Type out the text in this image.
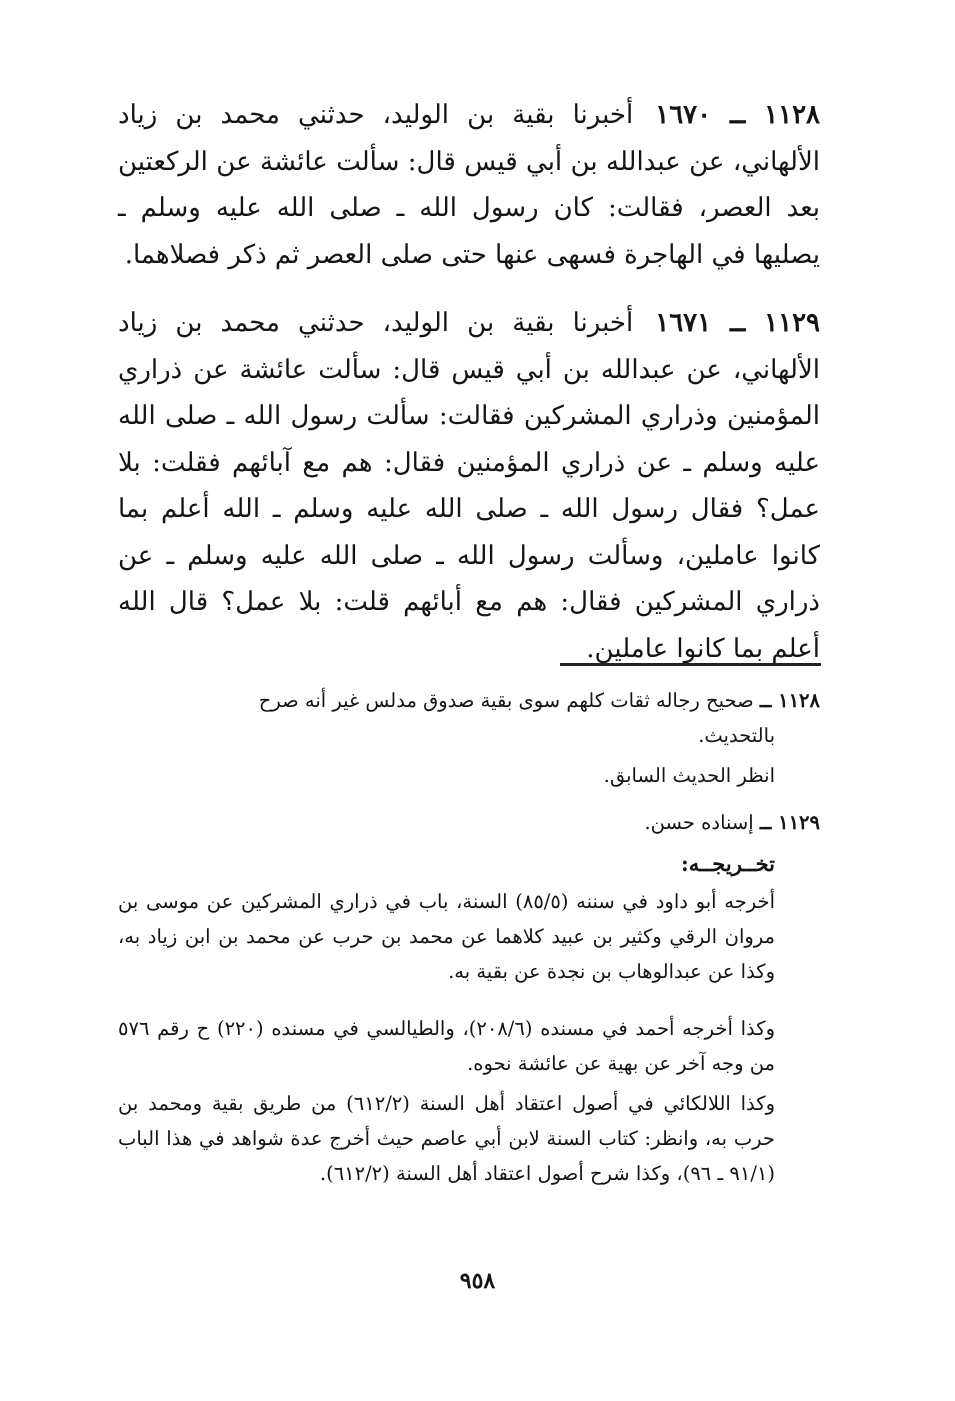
١١٢٨ ــ ١٦٧٠أخبرنا بقية بن الوليد، حدثني محمد بن زياد الألهاني، عن عبدالله بن أبي قيس قال: سألت عائشة عن الركعتين بعد العصر، فقالت: كان رسول الله ـ صلى الله عليه وسلم ـ يصليها في الهاجرة فسهى عنها حتى صلى العصر ثم ذكر فصلاهما.

١١٢٩ ــ ١٦٧١أخبرنا بقية بن الوليد، حدثني محمد بن زياد الألهاني، عن عبدالله بن أبي قيس قال: سألت عائشة عن ذراري المؤمنين وذراري المشركين فقالت: سألت رسول الله ـ صلى الله عليه وسلم ـ عن ذراري المؤمنين فقال: هم مع آبائهم فقلت: بلا عمل؟ فقال رسول الله ـ صلى الله عليه وسلم ـ الله أعلم بما كانوا عاملين، وسألت رسول الله ـ صلى الله عليه وسلم ـ عن ذراري المشركين فقال: هم مع أبائهم قلت: بلا عمل؟ قال الله أعلم بما كانوا عاملين.

١١٢٨ ــ صحيح رجاله ثقات كلهم سوى بقية صدوق مدلس غير أنه صرح
بالتحديث.

انظر الحديث السابق.

١١٢٩ ــ إسناده حسن.

تخــريجــه:

أخرجه أبو داود في سننه (٨٥/٥) السنة، باب في ذراري المشركين عن موسى بن مروان الرقي وكثير بن عبيد كلاهما عن محمد بن حرب عن محمد بن ابن زياد به، وكذا عن عبدالوهاب بن نجدة عن بقية به.

وكذا أخرجه أحمد في مسنده (٢٠٨/٦)، والطيالسي في مسنده (٢٢٠) ح رقم ٥٧٦ من وجه آخر عن بهية عن عائشة نحوه.

وكذا اللالكائي في أصول اعتقاد أهل السنة (٦١٢/٢) من طريق بقية ومحمد بن حرب به، وانظر: كتاب السنة لابن أبي عاصم حيث أخرج عدة شواهد في هذا الباب (٩١/١ ـ ٩٦)، وكذا شرح أصول اعتقاد أهل السنة (٦١٢/٢).

٩٥٨
